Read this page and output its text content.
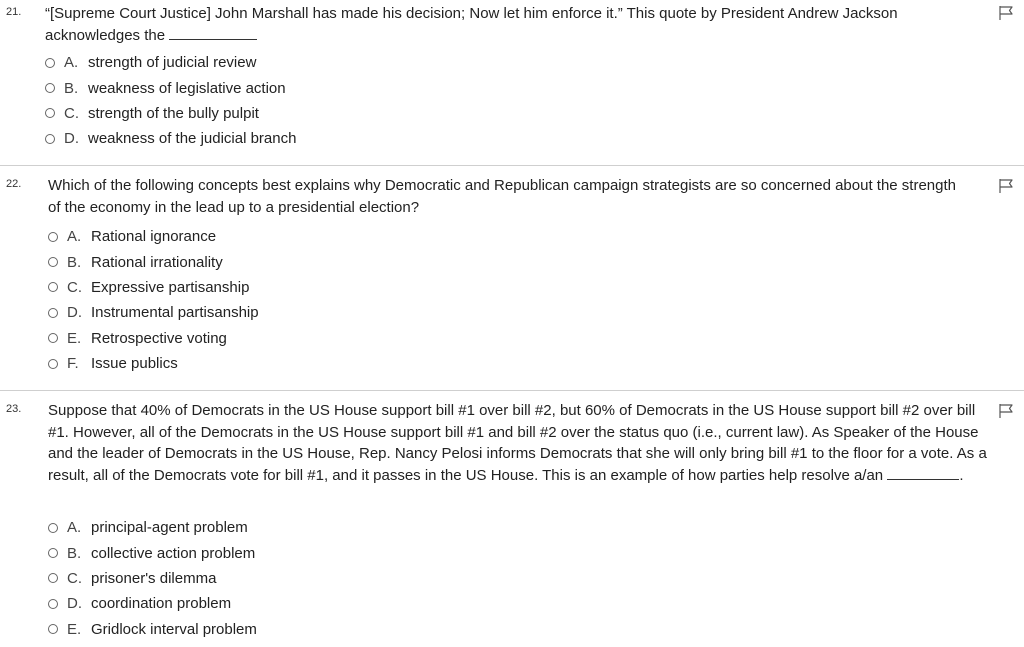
21. “[Supreme Court Justice] John Marshall has made his decision; Now let him enforce it.” This quote by President Andrew Jackson acknowledges the
A. strength of judicial review
B. weakness of legislative action
C. strength of the bully pulpit
D. weakness of the judicial branch
22. Which of the following concepts best explains why Democratic and Republican campaign strategists are so concerned about the strength of the economy in the lead up to a presidential election?
A. Rational ignorance
B. Rational irrationality
C. Expressive partisanship
D. Instrumental partisanship
E. Retrospective voting
F. Issue publics
23. Suppose that 40% of Democrats in the US House support bill #1 over bill #2, but 60% of Democrats in the US House support bill #2 over bill #1. However, all of the Democrats in the US House support bill #1 and bill #2 over the status quo (i.e., current law). As Speaker of the House and the leader of Democrats in the US House, Rep. Nancy Pelosi informs Democrats that she will only bring bill #1 to the floor for a vote. As a result, all of the Democrats vote for bill #1, and it passes in the US House. This is an example of how parties help resolve a/an	.
A. principal-agent problem
B. collective action problem
C. prisoner's dilemma
D. coordination problem
E. Gridlock interval problem
